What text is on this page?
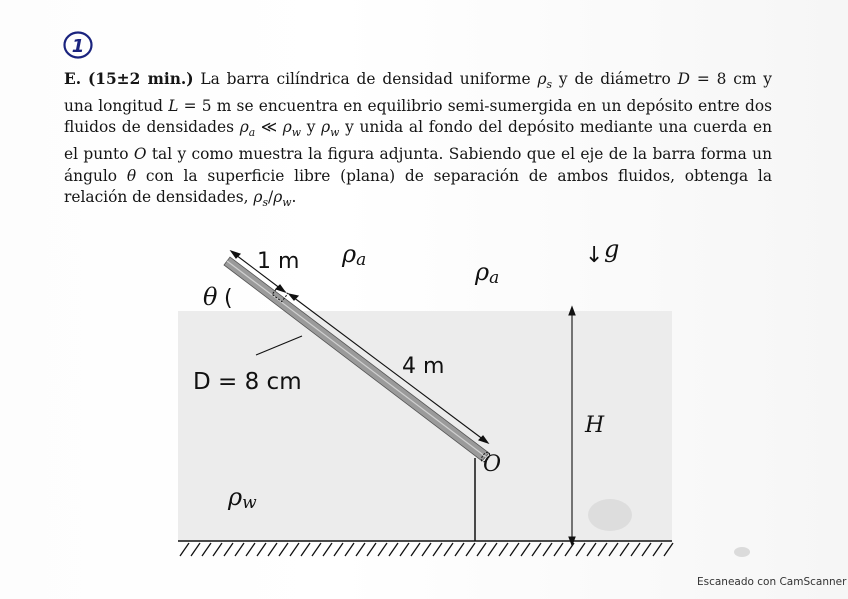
1
E. (15±2 min.) La barra cilíndrica de densidad uniforme $\rho_s$ y de diámetro D = 8 cm y una longitud L = 5 m se encuentra en equilibrio semi-sumergida en un depósito entre dos fluidos de densidades $\rho_a$ ≪ $\rho_w$ y $\rho_w$ y unida al fondo del depósito mediante una cuerda en el punto O tal y como muestra la figura adjunta. Sabiendo que el eje de la barra forma un ángulo θ con la superficie libre (plana) de separación de ambos fluidos, obtenga la relación de densidades, $\rho_s/\rho_w$.
1 m ρa	ρa
↓ g
θ (
4 m
D = 8 cm
H
O
ρw
Escaneado con CamScanner
